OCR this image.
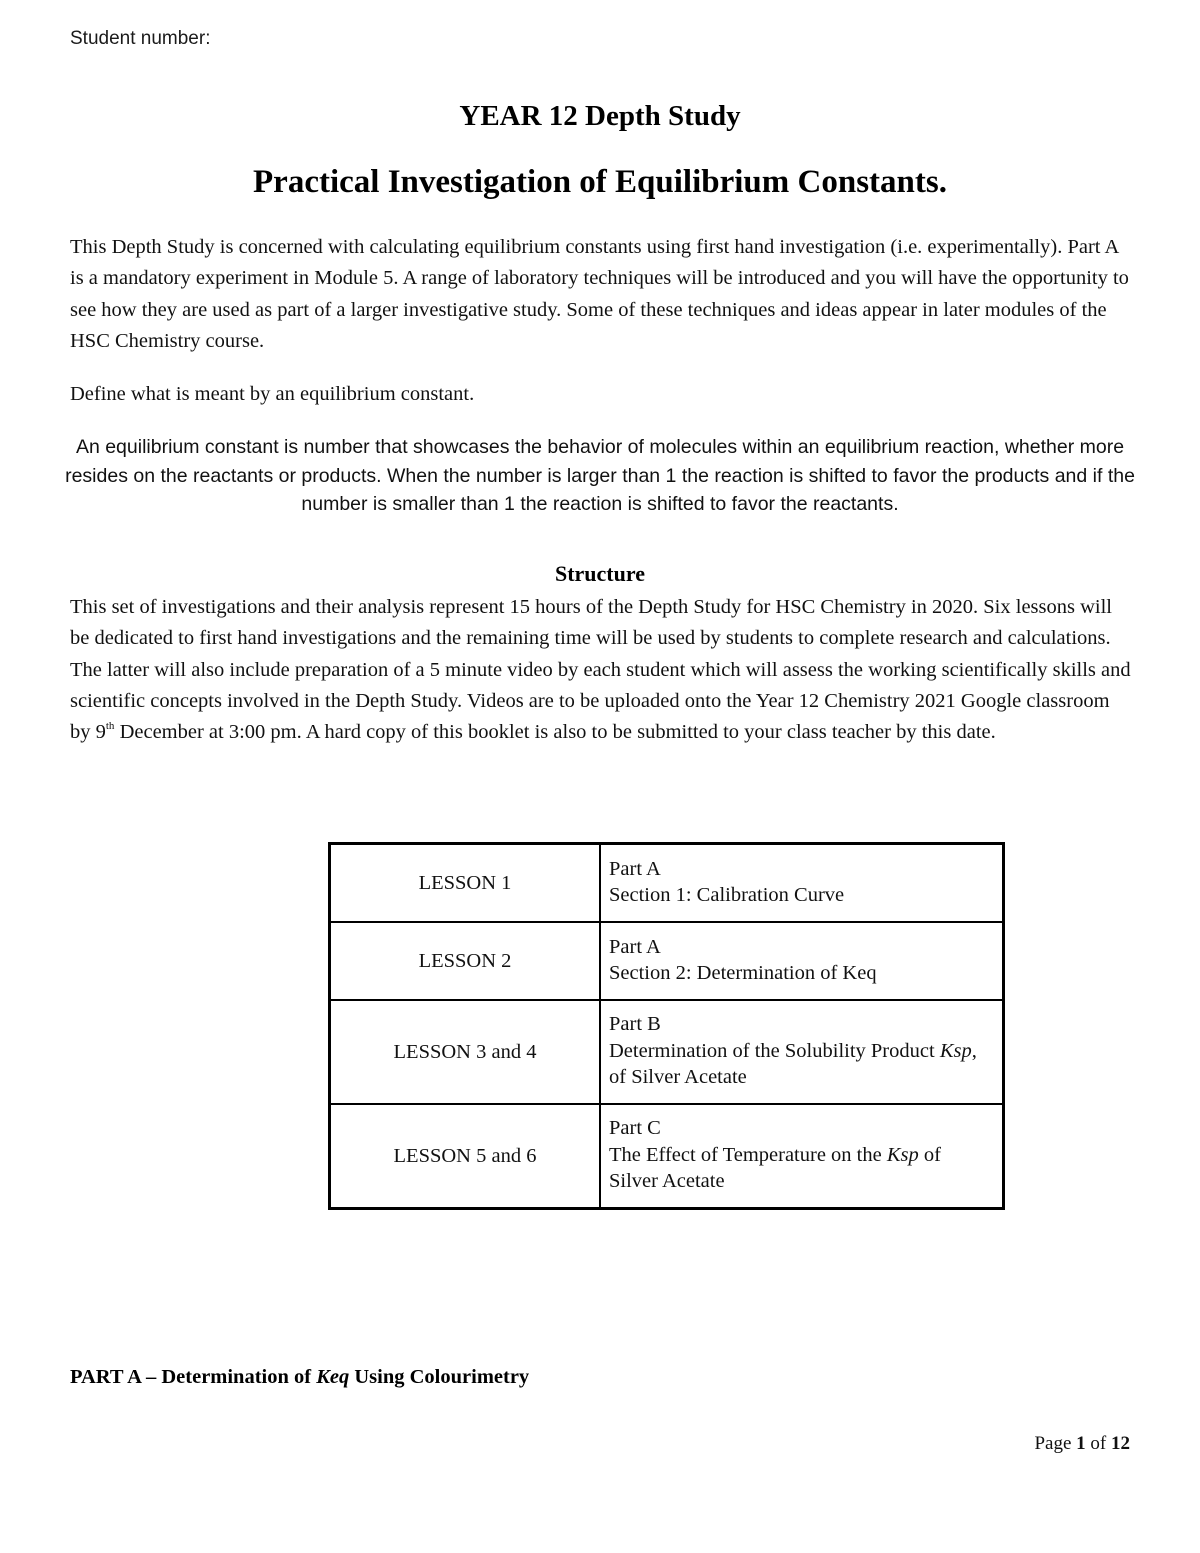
Student number:
YEAR 12 Depth Study
Practical Investigation of Equilibrium Constants.
This Depth Study is concerned with calculating equilibrium constants using first hand investigation (i.e. experimentally). Part A is a mandatory experiment in Module 5. A range of laboratory techniques will be introduced and you will have the opportunity to see how they are used as part of a larger investigative study. Some of these techniques and ideas appear in later modules of the HSC Chemistry course.
Define what is meant by an equilibrium constant.
An equilibrium constant is number that showcases the behavior of molecules within an equilibrium reaction, whether more resides on the reactants or products. When the number is larger than 1 the reaction is shifted to favor the products and if the number is smaller than 1 the reaction is shifted to favor the reactants.
Structure
This set of investigations and their analysis represent 15 hours of the Depth Study for HSC Chemistry in 2020. Six lessons will be dedicated to first hand investigations and the remaining time will be used by students to complete research and calculations. The latter will also include preparation of a 5 minute video by each student which will assess the working scientifically skills and scientific concepts involved in the Depth Study. Videos are to be uploaded onto the Year 12 Chemistry 2021 Google classroom by 9th December at 3:00 pm. A hard copy of this booklet is also to be submitted to your class teacher by this date.
LESSON 1	Part A
Section 1: Calibration Curve

LESSON 2	Part A
Section 2: Determination of Keq

LESSON 3 and 4	Part B
Determination of the Solubility Product Ksp, of Silver Acetate

LESSON 5 and 6	Part C
The Effect of Temperature on the Ksp of Silver Acetate
PART A – Determination of Keq Using Colourimetry
Page 1 of 12
